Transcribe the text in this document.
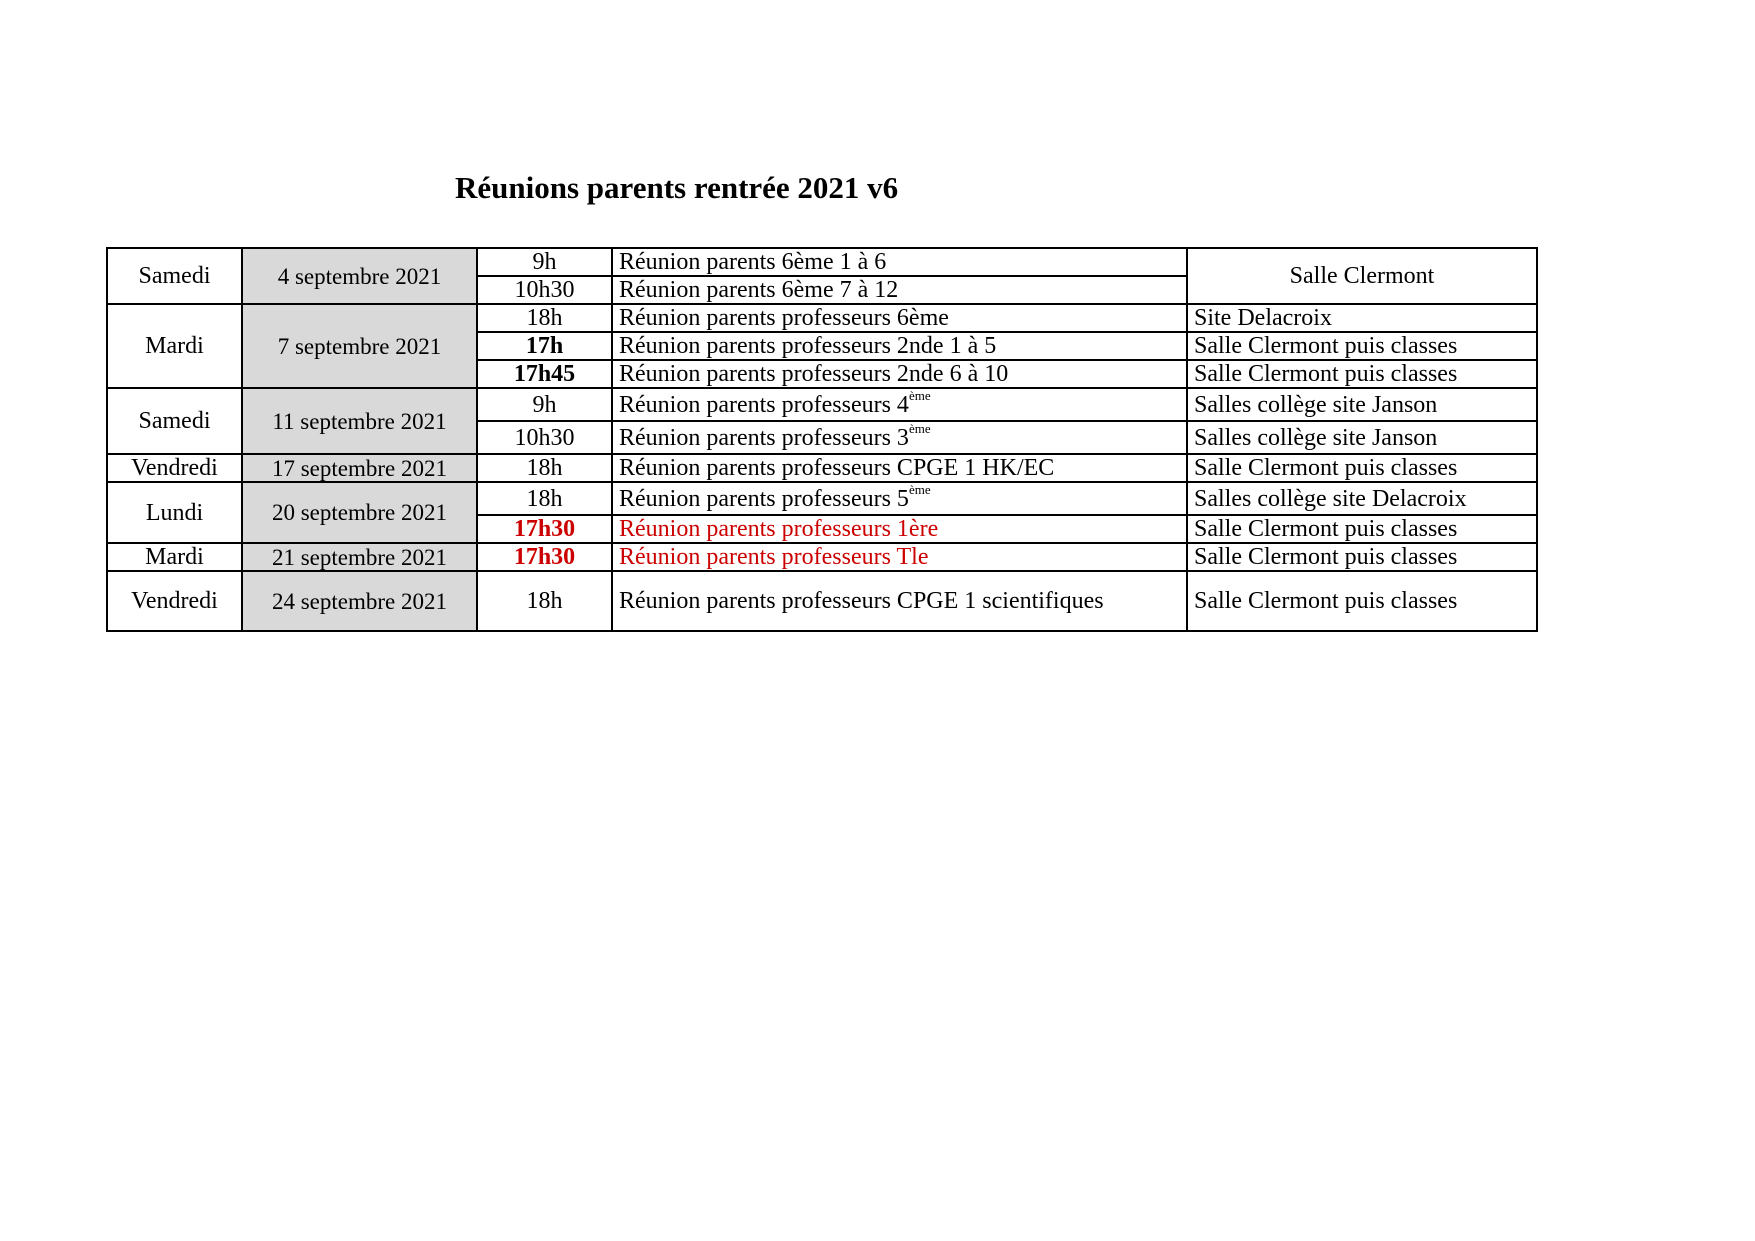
Réunions parents rentrée 2021 v6
Samedi	4 septembre 2021	9h	Réunion parents 6ème 1 à 6	Salle Clermont
		10h30	Réunion parents 6ème 7 à 12	
Mardi	7 septembre 2021	18h	Réunion parents professeurs 6ème	Site Delacroix
		17h	Réunion parents professeurs 2nde 1 à 5	Salle Clermont puis classes
		17h45	Réunion parents professeurs 2nde 6 à 10	Salle Clermont puis classes
Samedi	11 septembre 2021	9h	Réunion parents professeurs 4ème	Salles collège site Janson
		10h30	Réunion parents professeurs 3ème	Salles collège site Janson
Vendredi	17 septembre 2021	18h	Réunion parents professeurs CPGE 1 HK/EC	Salle Clermont puis classes
Lundi	20 septembre 2021	18h	Réunion parents professeurs 5ème	Salles collège site Delacroix
		17h30	Réunion parents professeurs 1ère	Salle Clermont puis classes
Mardi	21 septembre 2021	17h30	Réunion parents professeurs Tle	Salle Clermont puis classes
Vendredi	24 septembre 2021	18h	Réunion parents professeurs CPGE 1 scientifiques	Salle Clermont puis classes
